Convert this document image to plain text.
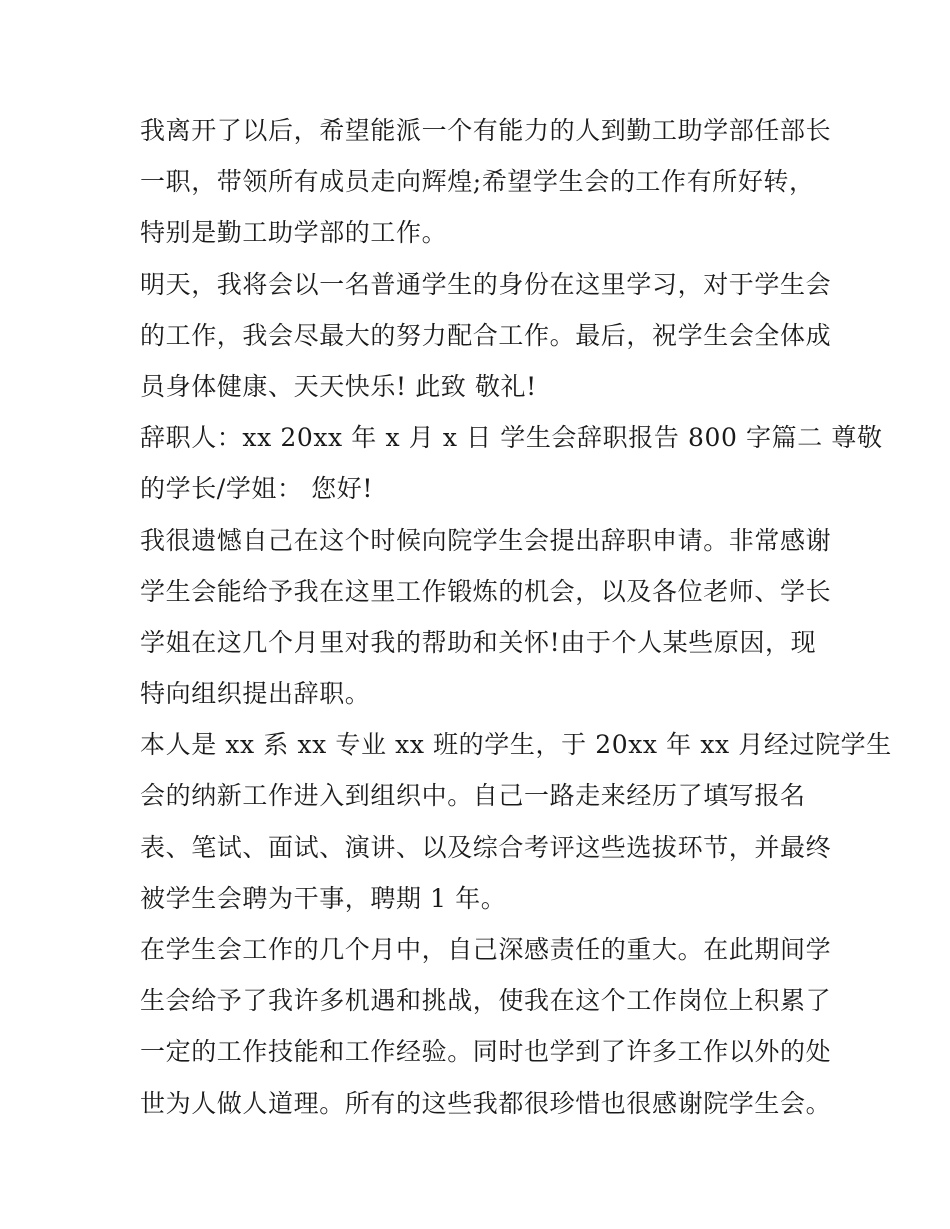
我离开了以后，希望能派一个有能力的人到勤工助学部任部长
一职，带领所有成员走向辉煌;希望学生会的工作有所好转，
特别是勤工助学部的工作。
明天，我将会以一名普通学生的身份在这里学习，对于学生会
的工作，我会尽最大的努力配合工作。最后，祝学生会全体成
员身体健康、天天快乐! 此致 敬礼!
辞职人：xx 20xx 年 x 月 x 日 学生会辞职报告 800 字篇二 尊敬
的学长/学姐： 您好!
我很遗憾自己在这个时候向院学生会提出辞职申请。非常感谢
学生会能给予我在这里工作锻炼的机会，以及各位老师、学长
学姐在这几个月里对我的帮助和关怀!由于个人某些原因，现
特向组织提出辞职。
本人是 xx 系 xx 专业 xx 班的学生，于 20xx 年 xx 月经过院学生
会的纳新工作进入到组织中。自己一路走来经历了填写报名
表、笔试、面试、演讲、以及综合考评这些选拔环节，并最终
被学生会聘为干事，聘期 1 年。
在学生会工作的几个月中，自己深感责任的重大。在此期间学
生会给予了我许多机遇和挑战，使我在这个工作岗位上积累了
一定的工作技能和工作经验。同时也学到了许多工作以外的处
世为人做人道理。所有的这些我都很珍惜也很感谢院学生会。
